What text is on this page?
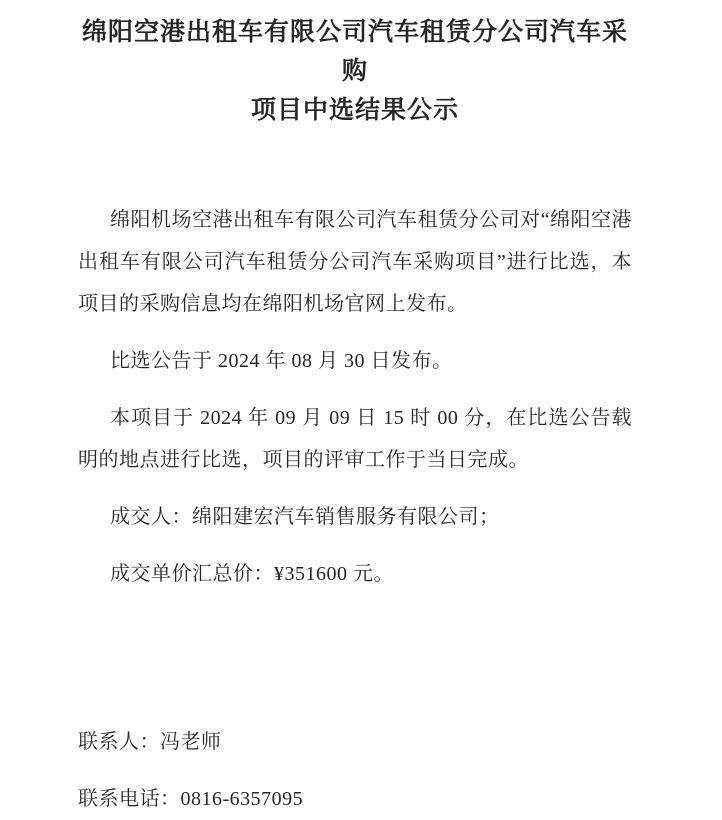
绵阳空港出租车有限公司汽车租赁分公司汽车采购
项目中选结果公示

绵阳机场空港出租车有限公司汽车租赁分公司对“绵阳空港出租车有限公司汽车租赁分公司汽车采购项目”进行比选，本项目的采购信息均在绵阳机场官网上发布。

比选公告于 2024 年 08 月 30 日发布。

本项目于 2024 年 09 月 09 日 15 时 00 分，在比选公告载明的地点进行比选，项目的评审工作于当日完成。

成交人：绵阳建宏汽车销售服务有限公司；

成交单价汇总价：¥351600 元。

联系人：冯老师

联系电话：0816-6357095
